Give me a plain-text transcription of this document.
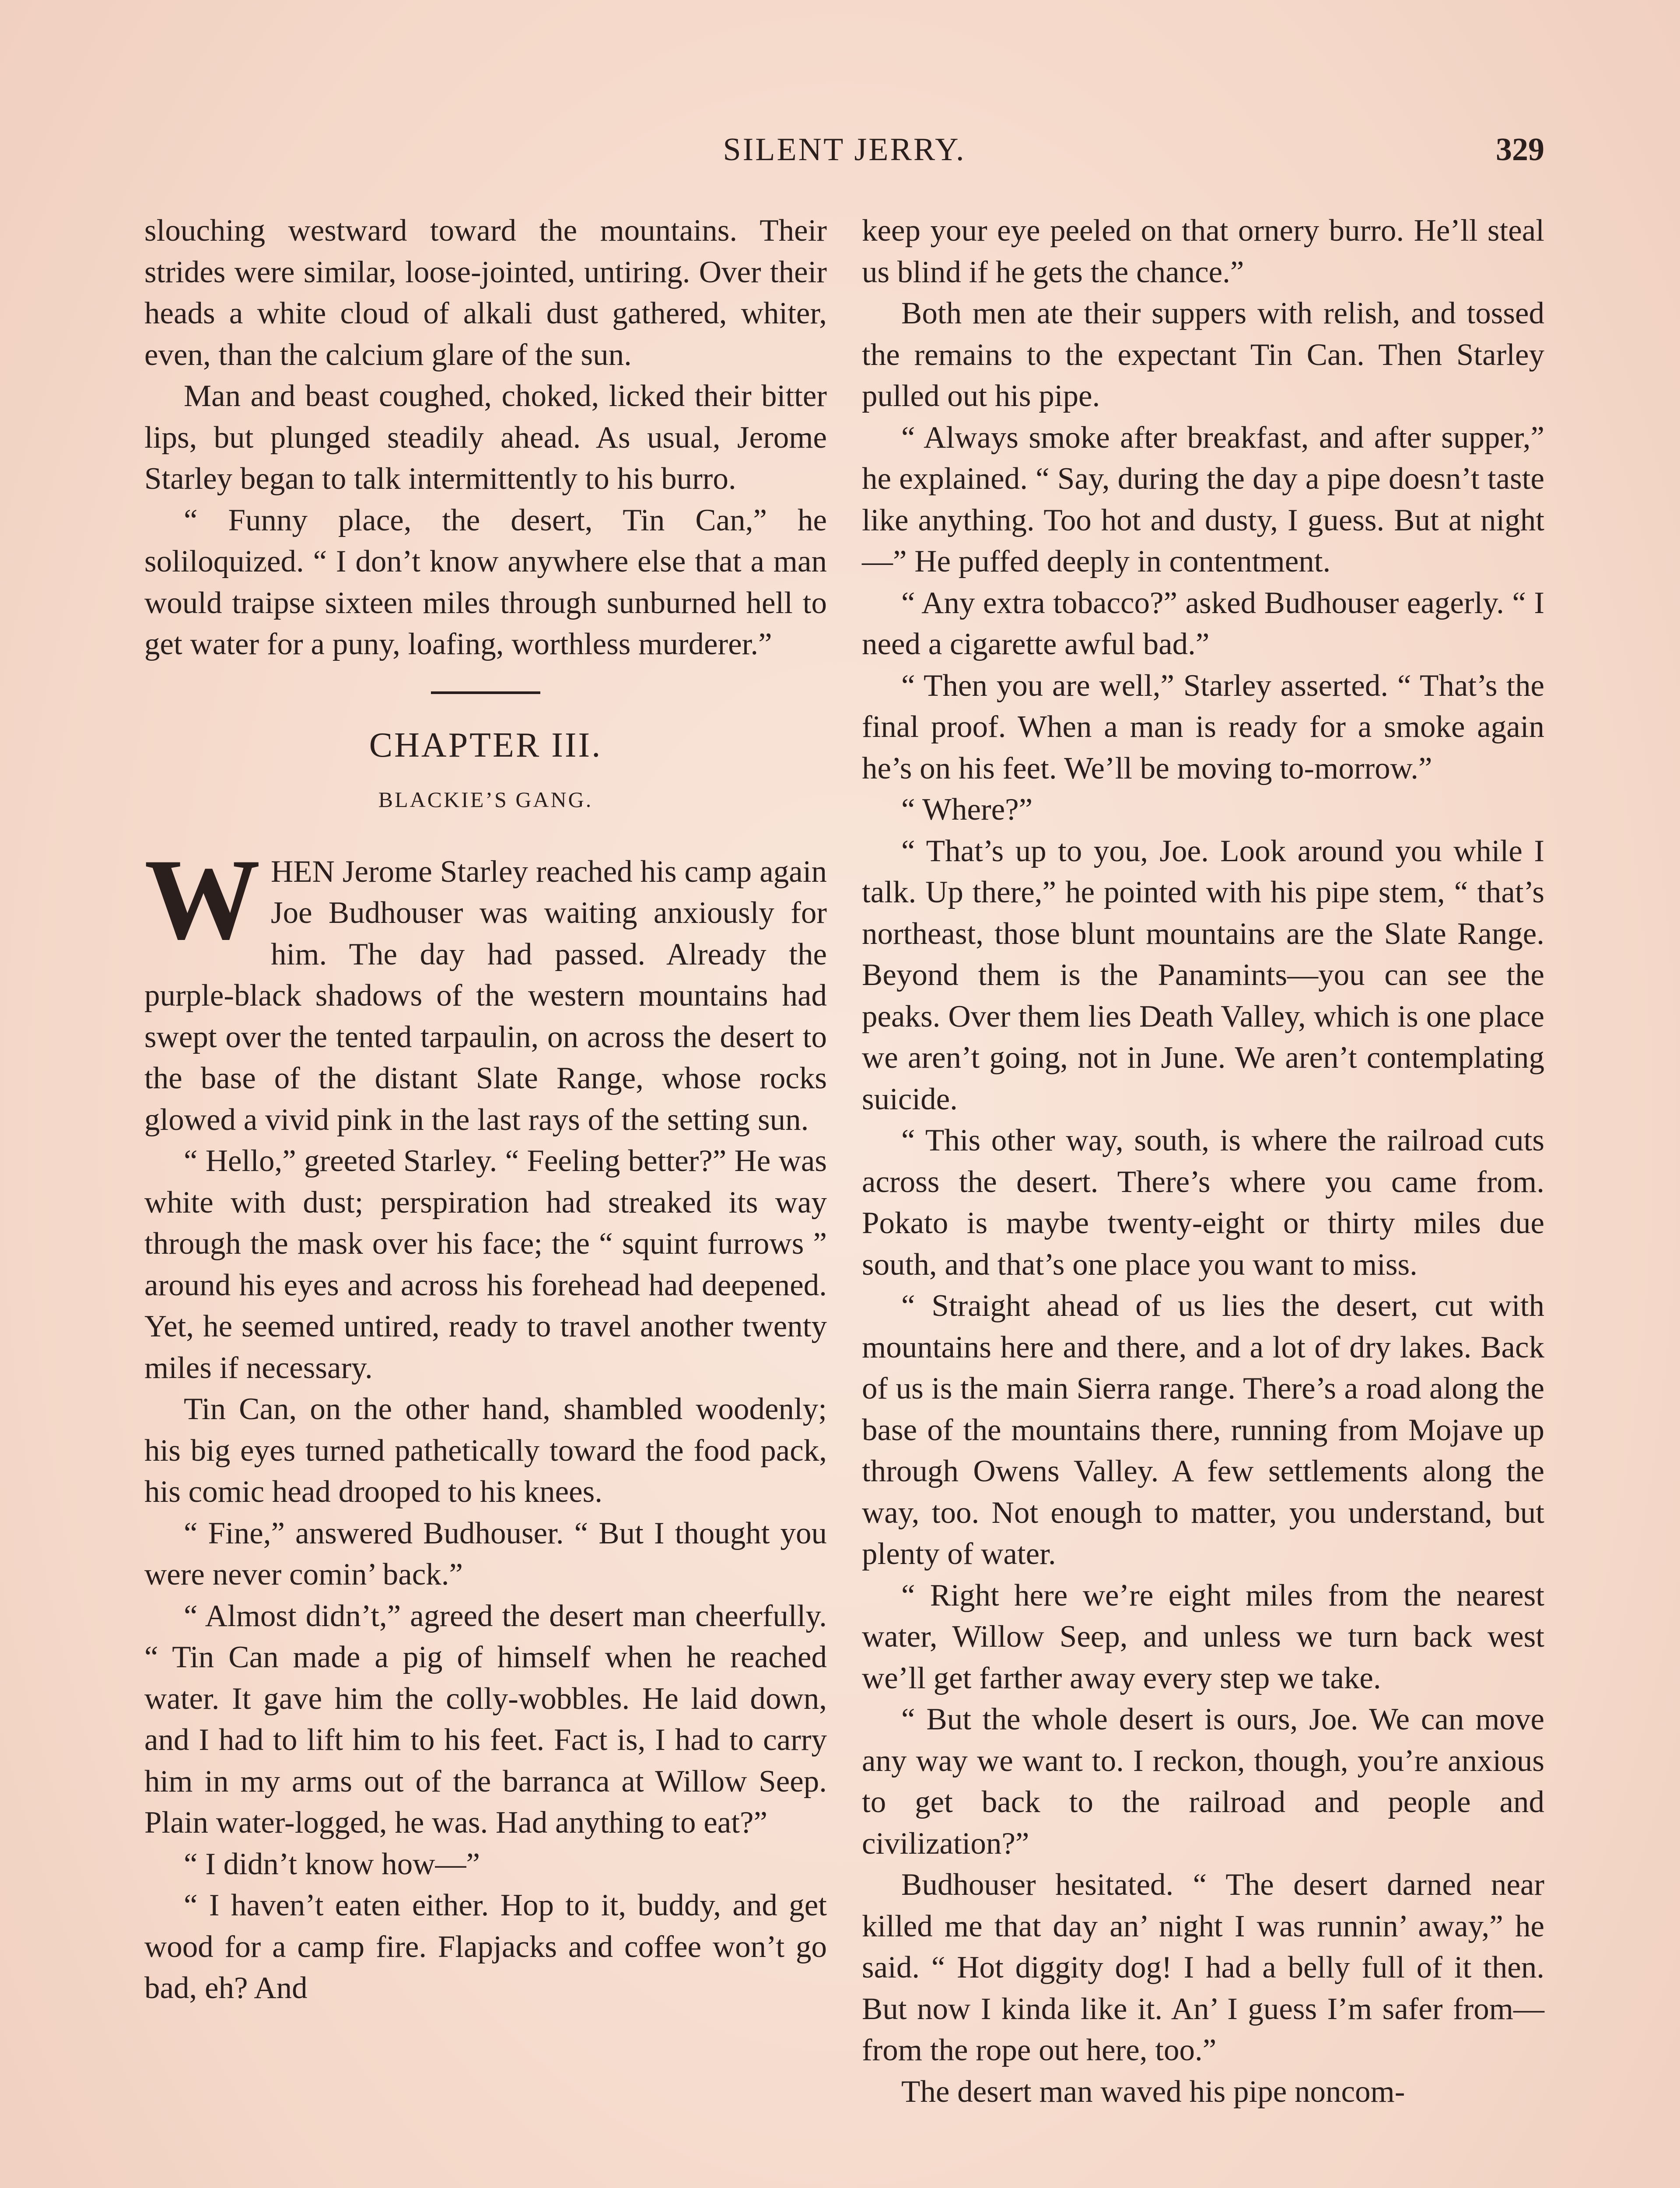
SILENT JERRY.	329

slouching westward toward the mountains. Their strides were similar, loose-jointed, untiring. Over their heads a white cloud of alkali dust gathered, whiter, even, than the calcium glare of the sun.

Man and beast coughed, choked, licked their bitter lips, but plunged steadily ahead. As usual, Jerome Starley began to talk intermittently to his burro.

“ Funny place, the desert, Tin Can,” he soliloquized. “ I don’t know anywhere else that a man would traipse sixteen miles through sunburned hell to get water for a puny, loafing, worthless murderer.”

CHAPTER III.
BLACKIE’S GANG.

WHEN Jerome Starley reached his camp again Joe Budhouser was waiting anxiously for him. The day had passed. Already the purple-black shadows of the western mountains had swept over the tented tarpaulin, on across the desert to the base of the distant Slate Range, whose rocks glowed a vivid pink in the last rays of the setting sun.

“ Hello,” greeted Starley. “ Feeling better?” He was white with dust; perspiration had streaked its way through the mask over his face; the “ squint furrows ” around his eyes and across his forehead had deepened. Yet, he seemed untired, ready to travel another twenty miles if necessary.

Tin Can, on the other hand, shambled woodenly; his big eyes turned pathetically toward the food pack, his comic head drooped to his knees.

“ Fine,” answered Budhouser. “ But I thought you were never comin’ back.”

“ Almost didn’t,” agreed the desert man cheerfully. “ Tin Can made a pig of himself when he reached water. It gave him the colly-wobbles. He laid down, and I had to lift him to his feet. Fact is, I had to carry him in my arms out of the barranca at Willow Seep. Plain water-logged, he was. Had anything to eat?”

“ I didn’t know how—”

“ I haven’t eaten either. Hop to it, buddy, and get wood for a camp fire. Flapjacks and coffee won’t go bad, eh? And

keep your eye peeled on that ornery burro. He’ll steal us blind if he gets the chance.”

Both men ate their suppers with relish, and tossed the remains to the expectant Tin Can. Then Starley pulled out his pipe.

“ Always smoke after breakfast, and after supper,” he explained. “ Say, during the day a pipe doesn’t taste like anything. Too hot and dusty, I guess. But at night—” He puffed deeply in contentment.

“ Any extra tobacco?” asked Budhouser eagerly. “ I need a cigarette awful bad.”

“ Then you are well,” Starley asserted. “ That’s the final proof. When a man is ready for a smoke again he’s on his feet. We’ll be moving to-morrow.”

“ Where?”

“ That’s up to you, Joe. Look around you while I talk. Up there,” he pointed with his pipe stem, “ that’s northeast, those blunt mountains are the Slate Range. Beyond them is the Panamints—you can see the peaks. Over them lies Death Valley, which is one place we aren’t going, not in June. We aren’t contemplating suicide.

“ This other way, south, is where the railroad cuts across the desert. There’s where you came from. Pokato is maybe twenty-eight or thirty miles due south, and that’s one place you want to miss.

“ Straight ahead of us lies the desert, cut with mountains here and there, and a lot of dry lakes. Back of us is the main Sierra range. There’s a road along the base of the mountains there, running from Mojave up through Owens Valley. A few settlements along the way, too. Not enough to matter, you understand, but plenty of water.

“ Right here we’re eight miles from the nearest water, Willow Seep, and unless we turn back west we’ll get farther away every step we take.

“ But the whole desert is ours, Joe. We can move any way we want to. I reckon, though, you’re anxious to get back to the railroad and people and civilization?”

Budhouser hesitated. “ The desert darned near killed me that day an’ night I was runnin’ away,” he said. “ Hot diggity dog! I had a belly full of it then. But now I kinda like it. An’ I guess I’m safer from—from the rope out here, too.”

The desert man waved his pipe noncom-
